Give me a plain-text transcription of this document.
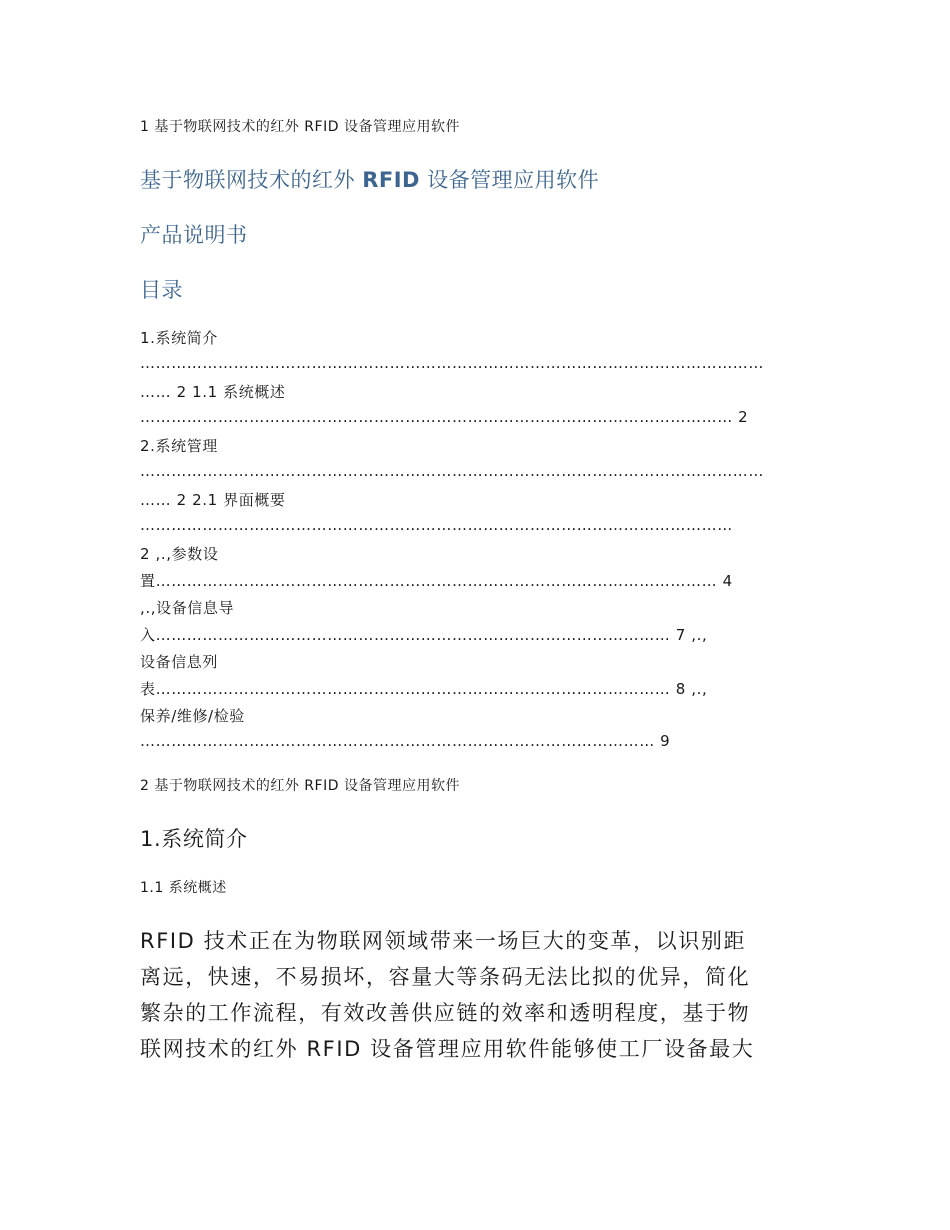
1 基于物联网技术的红外 RFID 设备管理应用软件

基于物联网技术的红外 RFID 设备管理应用软件

产品说明书

目录

1.系统简介

…………………………………………………………………………………………………………

…… 2 1.1 系统概述

…………………………………………………………………………………………………… 2

2.系统管理

…………………………………………………………………………………………………………

…… 2 2.1 界面概要

……………………………………………………………………………………………………

2 ,.,参数设

置……………………………………………………………………………………………… 4

,.,设备信息导

入……………………………………………………………………………………… 7 ,.,

设备信息列

表……………………………………………………………………………………… 8 ,.,

保养/维修/检验

……………………………………………………………………………………… 9

2 基于物联网技术的红外 RFID 设备管理应用软件

1.系统简介

1.1 系统概述

RFID 技术正在为物联网领域带来一场巨大的变革，以识别距

离远，快速，不易损坏，容量大等条码无法比拟的优异，简化

繁杂的工作流程，有效改善供应链的效率和透明程度，基于物

联网技术的红外 RFID 设备管理应用软件能够使工厂设备最大
